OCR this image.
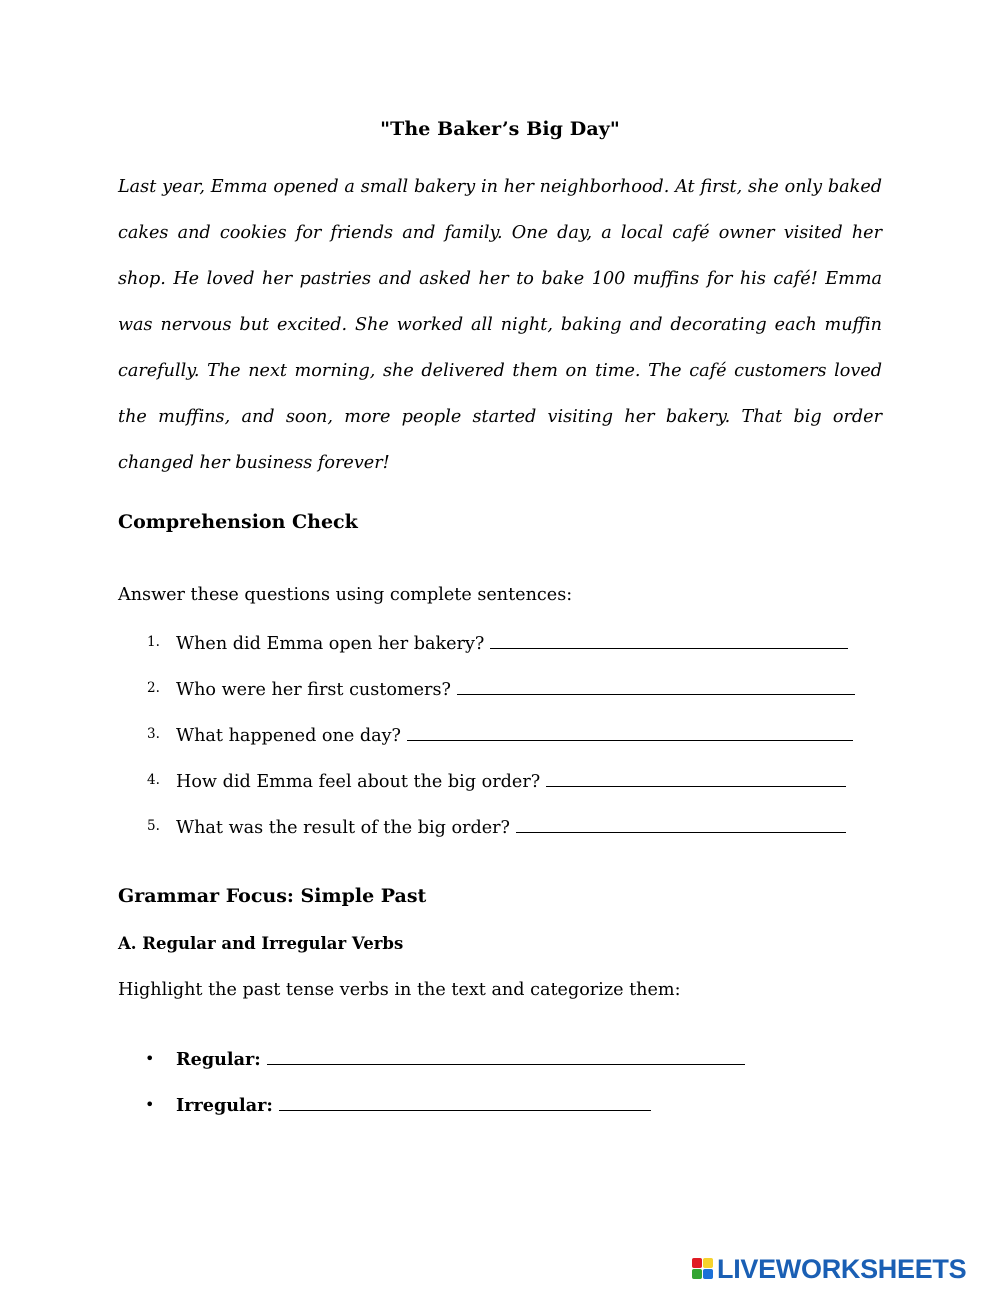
"The Baker’s Big Day"

Last year, Emma opened a small bakery in her neighborhood. At first, she only baked cakes and cookies for friends and family. One day, a local café owner visited her shop. He loved her pastries and asked her to bake 100 muffins for his café! Emma was nervous but excited. She worked all night, baking and decorating each muffin carefully. The next morning, she delivered them on time. The café customers loved the muffins, and soon, more people started visiting her bakery. That big order changed her business forever!

Comprehension Check
Answer these questions using complete sentences:
1. When did Emma open her bakery?
2. Who were her first customers?
3. What happened one day?
4. How did Emma feel about the big order?
5. What was the result of the big order?
Grammar Focus: Simple Past
A. Regular and Irregular Verbs
Highlight the past tense verbs in the text and categorize them:
• Regular:
• Irregular:
LIVEWORKSHEETS
